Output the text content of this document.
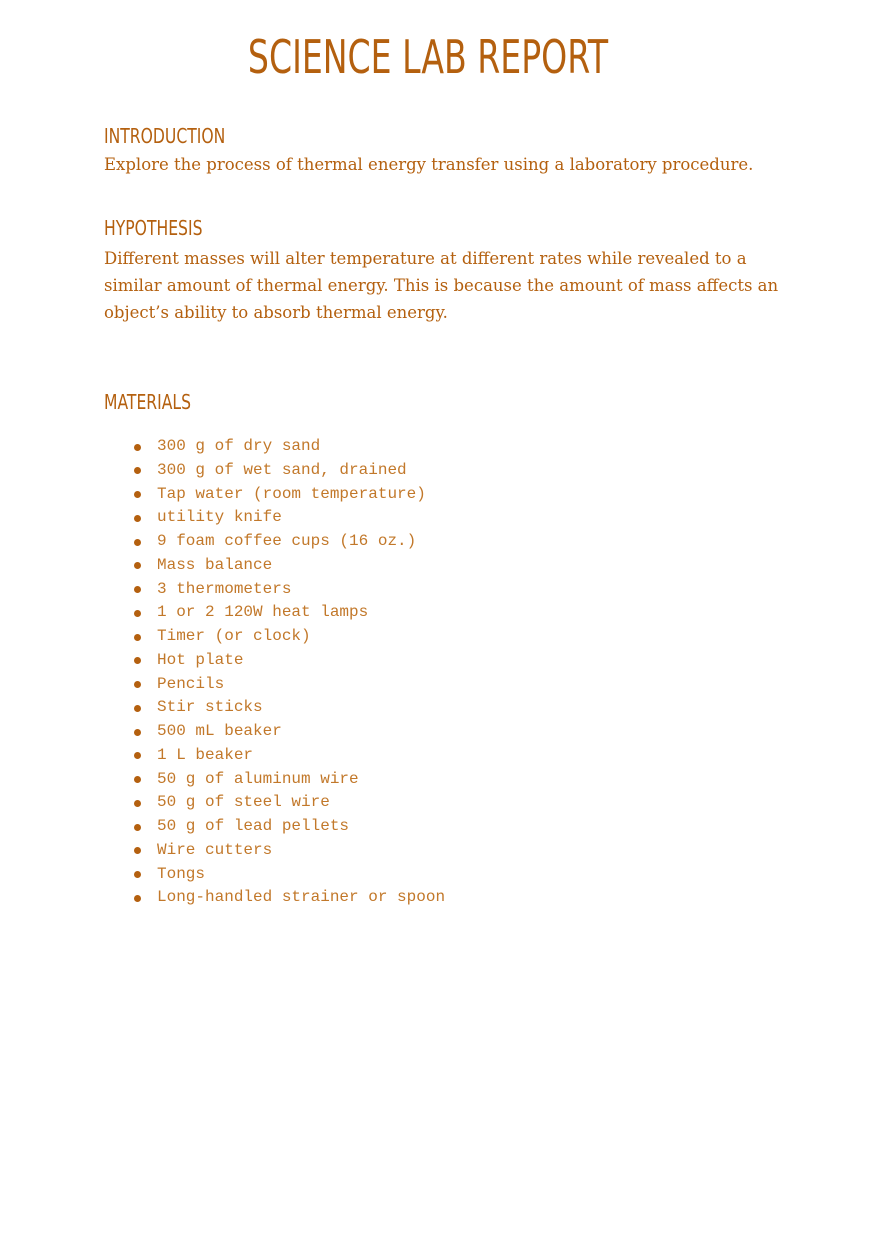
SCIENCE LAB REPORT
INTRODUCTION
Explore the process of thermal energy transfer using a laboratory procedure.
HYPOTHESIS
Different masses will alter temperature at different rates while revealed to a similar amount of thermal energy. This is because the amount of mass affects an object’s ability to absorb thermal energy.
MATERIALS
300 g of dry sand
300 g of wet sand, drained
Tap water (room temperature)
utility knife
9 foam coffee cups (16 oz.)
Mass balance
3 thermometers
1 or 2 120W heat lamps
Timer (or clock)
Hot plate
Pencils
Stir sticks
500 mL beaker
1 L beaker
50 g of aluminum wire
50 g of steel wire
50 g of lead pellets
Wire cutters
Tongs
Long-handled strainer or spoon
